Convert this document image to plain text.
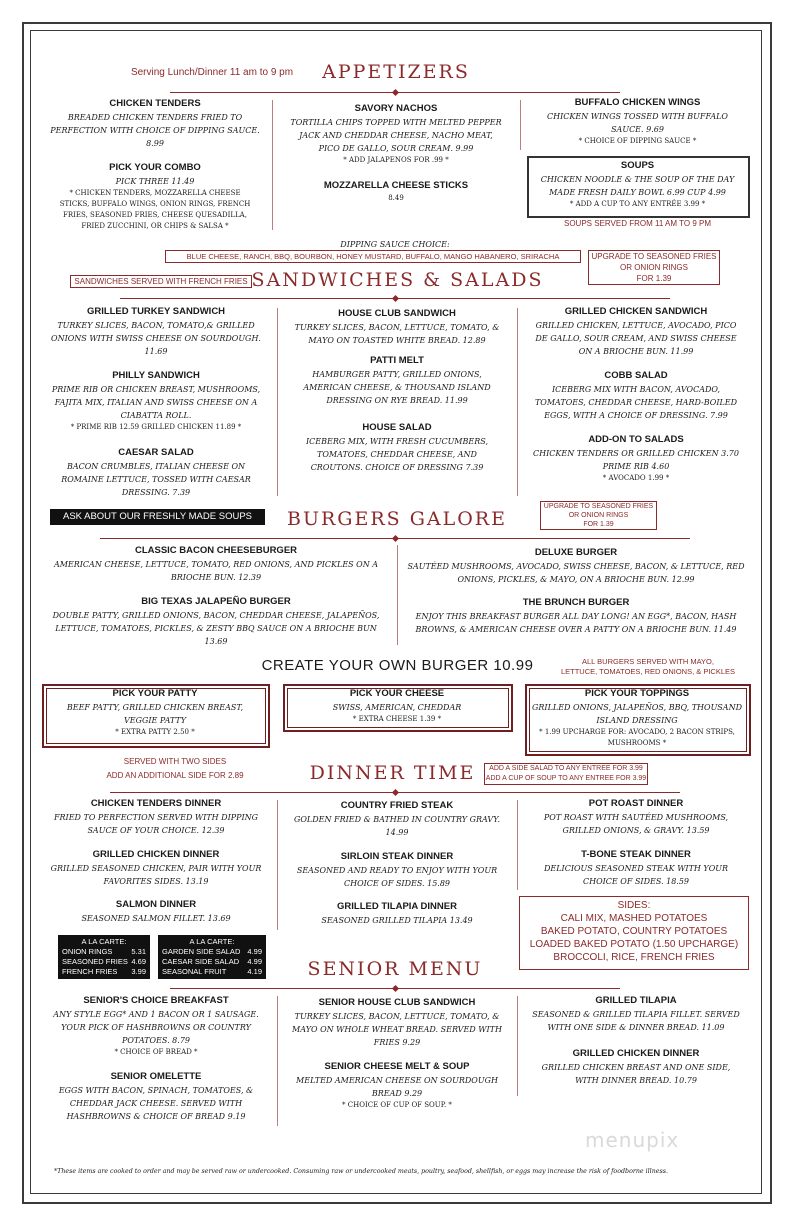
Serving Lunch/Dinner 11 am to 9 pm	APPETIZERS
CHICKEN TENDERS
BREADED CHICKEN TENDERS FRIED TO
PERFECTION WITH CHOICE OF DIPPING SAUCE.
8.99
PICK YOUR COMBO
PICK THREE 11.49
* CHICKEN TENDERS, MOZZARELLA CHEESE
STICKS, BUFFALO WINGS, ONION RINGS, FRENCH
FRIES, SEASONED FRIES, CHEESE QUESADILLA,
FRIED ZUCCHINI, OR CHIPS & SALSA *
SAVORY NACHOS
TORTILLA CHIPS TOPPED WITH MELTED PEPPER
JACK AND CHEDDAR CHEESE, NACHO MEAT,
PICO DE GALLO, SOUR CREAM. 9.99
* ADD JALAPENOS FOR .99 *
MOZZARELLA CHEESE STICKS
8.49
BUFFALO CHICKEN WINGS
CHICKEN WINGS TOSSED WITH BUFFALO
SAUCE. 9.69
* CHOICE OF DIPPING SAUCE *
SOUPS
CHICKEN NOODLE & THE SOUP OF THE DAY
MADE FRESH DAILY BOWL 6.99 CUP 4.99
* ADD A CUP TO ANY ENTRÉE 3.99 *
SOUPS SERVED FROM 11 AM TO 9 PM
DIPPING SAUCE CHOICE:
BLUE CHEESE, RANCH, BBQ, BOURBON, HONEY MUSTARD, BUFFALO, MANGO HABANERO, SRIRACHA	UPGRADE TO SEASONED FRIES
OR ONION RINGS
FOR 1.39
SANDWICHES SERVED WITH FRENCH FRIES SANDWICHES & SALADS
GRILLED TURKEY SANDWICH
TURKEY SLICES, BACON, TOMATO,& GRILLED
ONIONS WITH SWISS CHEESE ON SOURDOUGH.
11.69
PHILLY SANDWICH
PRIME RIB OR CHICKEN BREAST, MUSHROOMS,
FAJITA MIX, ITALIAN AND SWISS CHEESE ON A
CIABATTA ROLL.
* PRIME RIB 12.59 GRILLED CHICKEN 11.89 *
CAESAR SALAD
BACON CRUMBLES, ITALIAN CHEESE ON
ROMAINE LETTUCE, TOSSED WITH CAESAR
DRESSING. 7.39
HOUSE CLUB SANDWICH
TURKEY SLICES, BACON, LETTUCE, TOMATO, &
MAYO ON TOASTED WHITE BREAD. 12.89
PATTI MELT
HAMBURGER PATTY, GRILLED ONIONS,
AMERICAN CHEESE, & THOUSAND ISLAND
DRESSING ON RYE BREAD. 11.99
HOUSE SALAD
ICEBERG MIX, WITH FRESH CUCUMBERS,
TOMATOES, CHEDDAR CHEESE, AND
CROUTONS. CHOICE OF DRESSING 7.39
GRILLED CHICKEN SANDWICH
GRILLED CHICKEN, LETTUCE, AVOCADO, PICO
DE GALLO, SOUR CREAM, AND SWISS CHEESE
ON A BRIOCHE BUN. 11.99
COBB SALAD
ICEBERG MIX WITH BACON, AVOCADO,
TOMATOES, CHEDDAR CHEESE, HARD-BOILED
EGGS, WITH A CHOICE OF DRESSING. 7.99
ADD-ON TO SALADS
CHICKEN TENDERS OR GRILLED CHICKEN 3.70
PRIME RIB 4.60
* AVOCADO 1.99 *
ASK ABOUT OUR FRESHLY MADE SOUPS	BURGERS GALORE
UPGRADE TO SEASONED FRIES
OR ONION RINGS
FOR 1.39
CLASSIC BACON CHEESEBURGER
AMERICAN CHEESE, LETTUCE, TOMATO, RED ONIONS, AND PICKLES ON A
BRIOCHE BUN. 12.39
BIG TEXAS JALAPEÑO BURGER
DOUBLE PATTY, GRILLED ONIONS, BACON, CHEDDAR CHEESE, JALAPEÑOS,
LETTUCE, TOMATOES, PICKLES, & ZESTY BBQ SAUCE ON A BRIOCHE BUN
13.69
DELUXE BURGER
SAUTÉED MUSHROOMS, AVOCADO, SWISS CHEESE, BACON, & LETTUCE, RED
ONIONS, PICKLES, & MAYO, ON A BRIOCHE BUN. 12.99
THE BRUNCH BURGER
ENJOY THIS BREAKFAST BURGER ALL DAY LONG! AN EGG*, BACON, HASH
BROWNS, & AMERICAN CHEESE OVER A PATTY ON A BRIOCHE BUN. 11.49
CREATE YOUR OWN BURGER 10.99	ALL BURGERS SERVED WITH MAYO,
LETTUCE, TOMATOES, RED ONIONS, & PICKLES
PICK YOUR PATTY
BEEF PATTY, GRILLED CHICKEN BREAST,
VEGGIE PATTY
* EXTRA PATTY 2.50 *
PICK YOUR CHEESE
SWISS, AMERICAN, CHEDDAR
* EXTRA CHEESE 1.39 *
PICK YOUR TOPPINGS
GRILLED ONIONS, JALAPEÑOS, BBQ, THOUSAND
ISLAND DRESSING
* 1.99 UPCHARGE FOR: AVOCADO, 2 BACON STRIPS,
MUSHROOMS *
SERVED WITH TWO SIDES
ADD AN ADDITIONAL SIDE FOR 2.89	DINNER TIME	ADD A SIDE SALAD TO ANY ENTREE FOR 3.99
ADD A CUP OF SOUP TO ANY ENTREE FOR 3.99
CHICKEN TENDERS DINNER
FRIED TO PERFECTION SERVED WITH DIPPING
SAUCE OF YOUR CHOICE. 12.39
GRILLED CHICKEN DINNER
GRILLED SEASONED CHICKEN, PAIR WITH YOUR
FAVORITES SIDES. 13.19
SALMON DINNER
SEASONED SALMON FILLET. 13.69
COUNTRY FRIED STEAK
GOLDEN FRIED & BATHED IN COUNTRY GRAVY.
14.99
SIRLOIN STEAK DINNER
SEASONED AND READY TO ENJOY WITH YOUR
CHOICE OF SIDES. 15.89
GRILLED TILAPIA DINNER
SEASONED GRILLED TILAPIA 13.49
POT ROAST DINNER
POT ROAST WITH SAUTÉED MUSHROOMS,
GRILLED ONIONS, & GRAVY. 13.59
T-BONE STEAK DINNER
DELICIOUS SEASONED STEAK WITH YOUR
CHOICE OF SIDES. 18.59
SIDES:
CALI MIX, MASHED POTATOES
BAKED POTATO, COUNTRY POTATOES
LOADED BAKED POTATO (1.50 UPCHARGE)
BROCCOLI, RICE, FRENCH FRIES
A LA CARTE:
ONION RINGS	5.31
SEASONED FRIES 4.69
FRENCH FRIES 3.99
A LA CARTE:
GARDEN SIDE SALAD 4.99
CAESAR SIDE SALAD 4.99
SEASONAL FRUIT	4.19	SENIOR MENU
SENIOR'S CHOICE BREAKFAST
ANY STYLE EGG* AND 1 BACON OR 1 SAUSAGE.
YOUR PICK OF HASHBROWNS OR COUNTRY
POTATOES. 8.79
* CHOICE OF BREAD *
SENIOR OMELETTE
EGGS WITH BACON, SPINACH, TOMATOES, &
CHEDDAR JACK CHEESE. SERVED WITH
HASHBROWNS & CHOICE OF BREAD 9.19
SENIOR HOUSE CLUB SANDWICH
TURKEY SLICES, BACON, LETTUCE, TOMATO, &
MAYO ON WHOLE WHEAT BREAD. SERVED WITH
FRIES 9.29
SENIOR CHEESE MELT & SOUP
MELTED AMERICAN CHEESE ON SOURDOUGH
BREAD 9.29
* CHOICE OF CUP OF SOUP. *
GRILLED TILAPIA
SEASONED & GRILLED TILAPIA FILLET. SERVED
WITH ONE SIDE & DINNER BREAD. 11.09
GRILLED CHICKEN DINNER
GRILLED CHICKEN BREAST AND ONE SIDE,
WITH DINNER BREAD. 10.79
menupix
*These items are cooked to order and may be served raw or undercooked. Consuming raw or undercooked meats, poultry, seafood, shellfish, or eggs may increase the risk of foodborne illness.
